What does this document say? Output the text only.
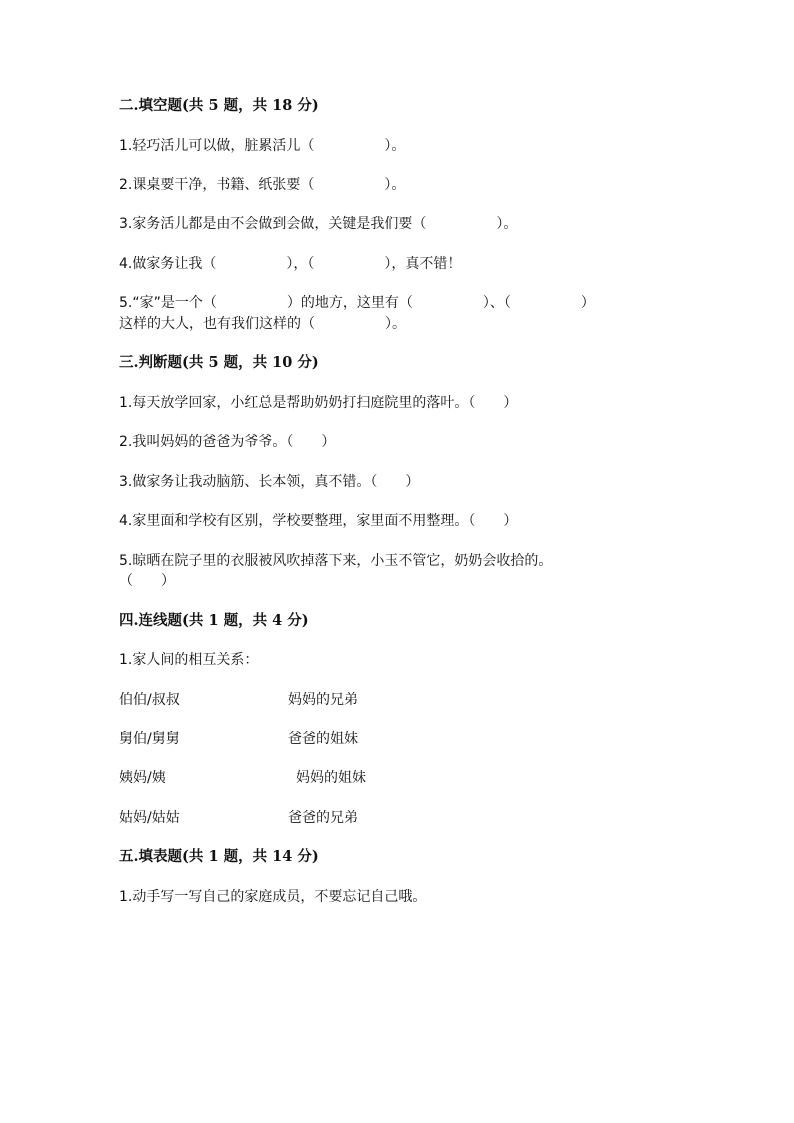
二.填空题(共 5 题，共 18 分)
1.轻巧活儿可以做，脏累活儿（　　　　　）。
2.课桌要干净，书籍、纸张要（　　　　　）。
3.家务活儿都是由不会做到会做，关键是我们要（　　　　　）。
4.做家务让我（　　　　　），（　　　　　），真不错！
5.“家”是一个（　　　　　）的地方，这里有（　　　　　）、（　　　　　）
这样的大人，也有我们这样的（　　　　　）。
三.判断题(共 5 题，共 10 分)
1.每天放学回家，小红总是帮助奶奶打扫庭院里的落叶。（　　）
2.我叫妈妈的爸爸为爷爷。（　　）
3.做家务让我动脑筋、长本领，真不错。（　　）
4.家里面和学校有区别，学校要整理，家里面不用整理。（　　）
5.晾晒在院子里的衣服被风吹掉落下来，小玉不管它，奶奶会收拾的。
（　　）
四.连线题(共 1 题，共 4 分)
1.家人间的相互关系：
伯伯/叔叔	妈妈的兄弟
舅伯/舅舅	爸爸的姐妹
姨妈/姨	妈妈的姐妹
姑妈/姑姑	爸爸的兄弟
五.填表题(共 1 题，共 14 分)
1.动手写一写自己的家庭成员，不要忘记自己哦。
